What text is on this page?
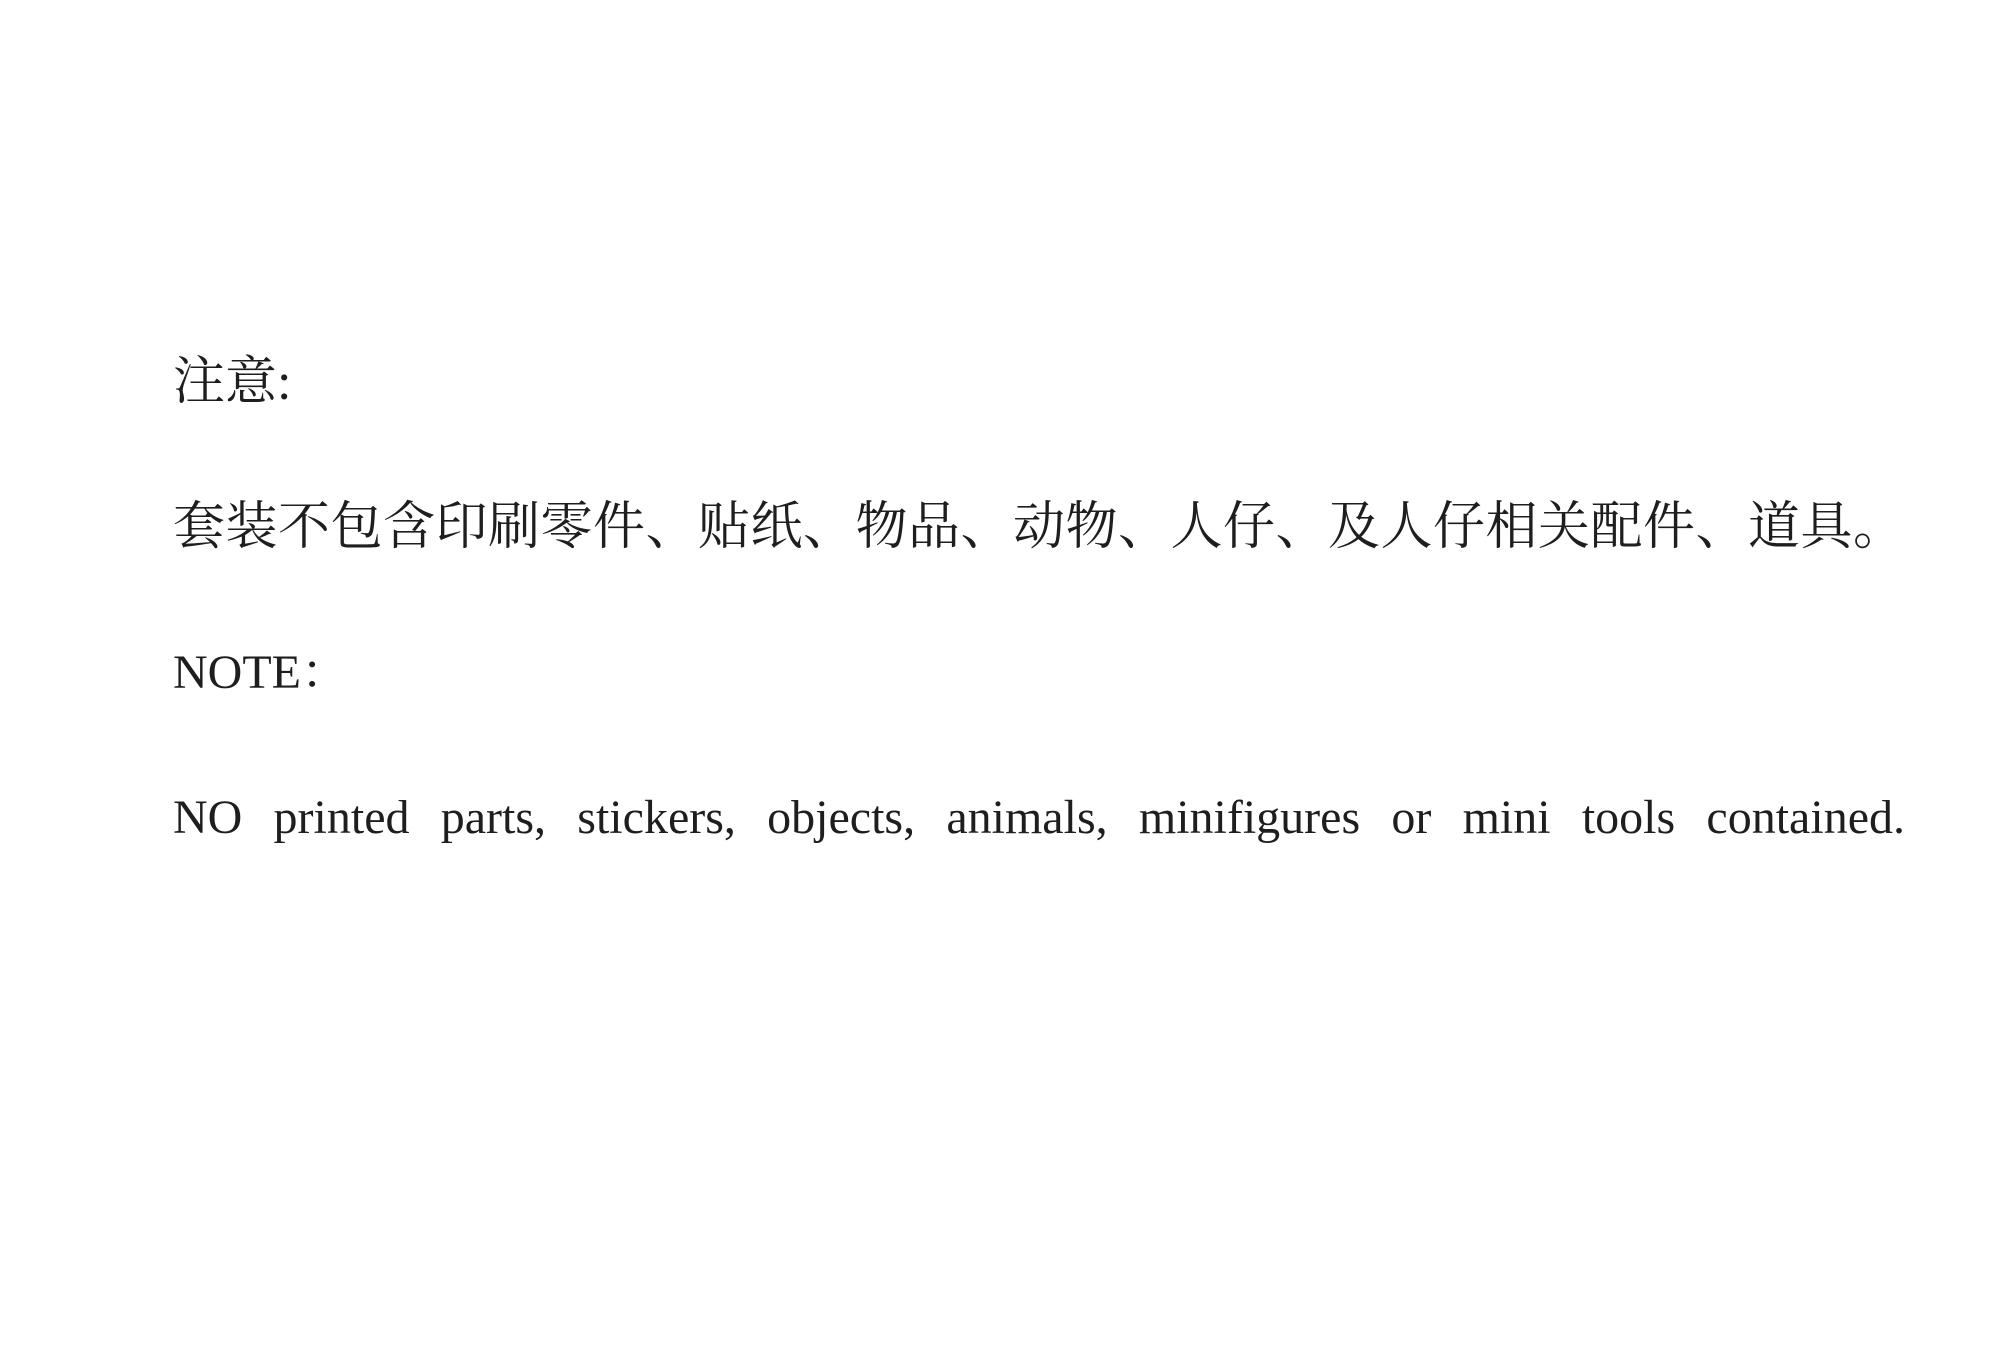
注意:

套装不包含印刷零件、贴纸、物品、动物、人仔、及人仔相关配件、道具。

NOTE：

NO printed parts, stickers, objects, animals, minifigures or mini tools contained.
